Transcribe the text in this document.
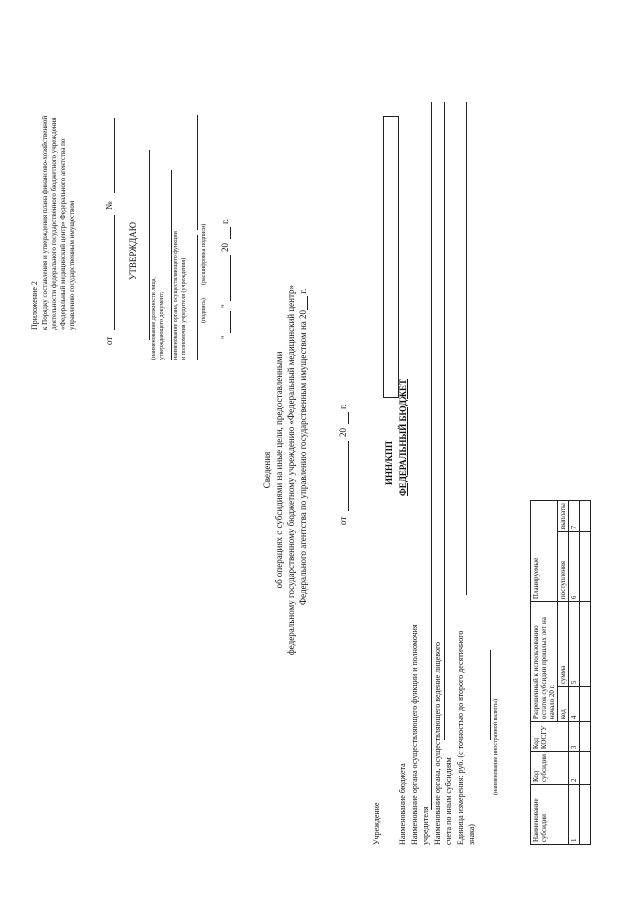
Приложение 2 к Порядку составления и утверждения плана финансово-хозяйственной деятельности федерального государственного бюджетного учреждения «Федеральный медицинский центр» Федерального агентства по управлению государственным имуществом
от
№
УТВЕРЖДАЮ
(наименование должности лица, утверждающего документ; наименование органа, осуществляющего функции и полномочия учредителя (учреждения) (подпись)
(расшифровка подписи)
"
"
20
г.
Сведения об операциях с субсидиями на иные цели, предоставленными федеральному государственному бюджетному учреждению «Федеральный медицинский центр» Федерального агентства по управлению государственным имуществом на 20 г.
от
20
г.
ИНН/КПП ФЕДЕРАЛЬНЫЙ БЮДЖЕТ
Учреждение Наименование бюджета Наименование органа осуществляющего функции и полномочия учредителя Наименование органа, осуществляющего ведение лицевого счета по иным субсидиям Единица измерения: руб. (с точностью до второго десятичного знака)
(наименование иностранной валюты)
Наименование субсидии	Код субсидии	Код КОСГУ	Разрешенный к использованию остаток субсидии прошлых лет на начало 20 г.		Планируемые	
			код	сумма	поступления	выплаты
1	2	3	4	5	6	7
